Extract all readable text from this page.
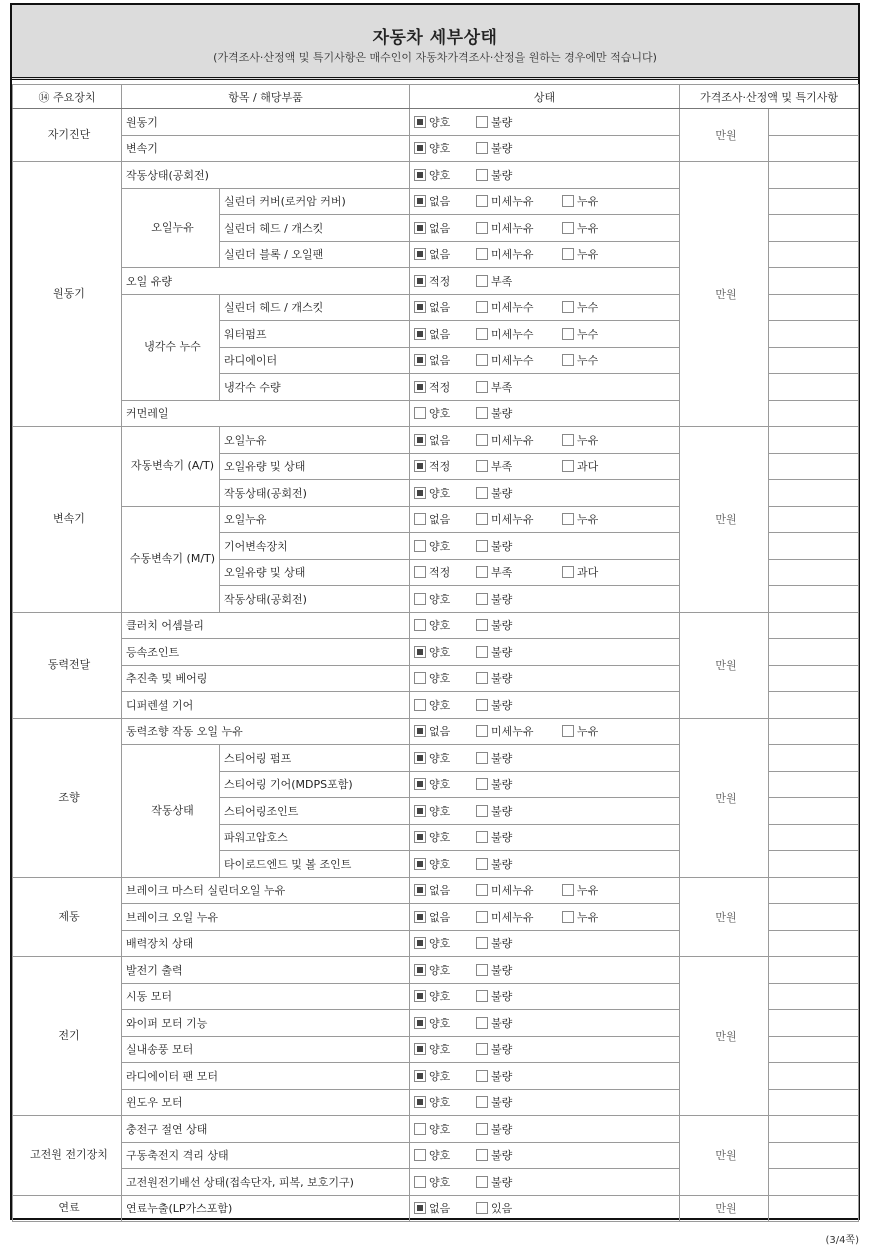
자동차 세부상태
(가격조사·산정액 및 특기사항은 매수인이 자동차가격조사·산정을 원하는 경우에만 적습니다)
⑭ 주요장치	항목 / 해당부품		상태	가격조사·산정액 및 특기사항	
자기진단	원동기		양호 불량	만원	
	변속기		양호 불량		
원동기	작동상태(공회전)		양호 불량	만원	
	오일누유	실린더 커버(로커암 커버)	없음 미세누유 누유		
		실린더 헤드 / 개스킷	없음 미세누유 누유		
		실린더 블록 / 오일팬	없음 미세누유 누유		
	오일 유량		적정 부족		
	냉각수 누수	실린더 헤드 / 개스킷	없음 미세누수 누수		
		워터펌프	없음 미세누수 누수		
		라디에이터	없음 미세누수 누수		
		냉각수 수량	적정 부족		
	커먼레일		양호 불량		
변속기	자동변속기 (A/T)	오일누유	없음 미세누유 누유	만원	
		오일유량 및 상태	적정 부족 과다		
		작동상태(공회전)	양호 불량		
	수동변속기 (M/T)	오일누유	없음 미세누유 누유		
		기어변속장치	양호 불량		
		오일유량 및 상태	적정 부족 과다		
		작동상태(공회전)	양호 불량		
동력전달	클러치 어셈블리		양호 불량	만원	
	등속조인트		양호 불량		
	추진축 및 베어링		양호 불량		
	디퍼렌셜 기어		양호 불량		
조향	동력조향 작동 오일 누유		없음 미세누유 누유	만원	
	작동상태	스티어링 펌프	양호 불량		
		스티어링 기어(MDPS포함)	양호 불량		
		스티어링조인트	양호 불량		
		파워고압호스	양호 불량		
		타이로드엔드 및 볼 조인트	양호 불량		
제동	브레이크 마스터 실린더오일 누유		없음 미세누유 누유	만원	
	브레이크 오일 누유		없음 미세누유 누유		
	배력장치 상태		양호 불량		
전기	발전기 출력		양호 불량	만원	
	시동 모터		양호 불량		
	와이퍼 모터 기능		양호 불량		
	실내송풍 모터		양호 불량		
	라디에이터 팬 모터		양호 불량		
	윈도우 모터		양호 불량		
고전원 전기장치	충전구 절연 상태		양호 불량	만원	
	구동축전지 격리 상태		양호 불량		
	고전원전기배선 상태(접속단자, 피복, 보호기구)		양호 불량		
연료	연료누출(LP가스포함)		없음 있음	만원	
(3/4쪽)
